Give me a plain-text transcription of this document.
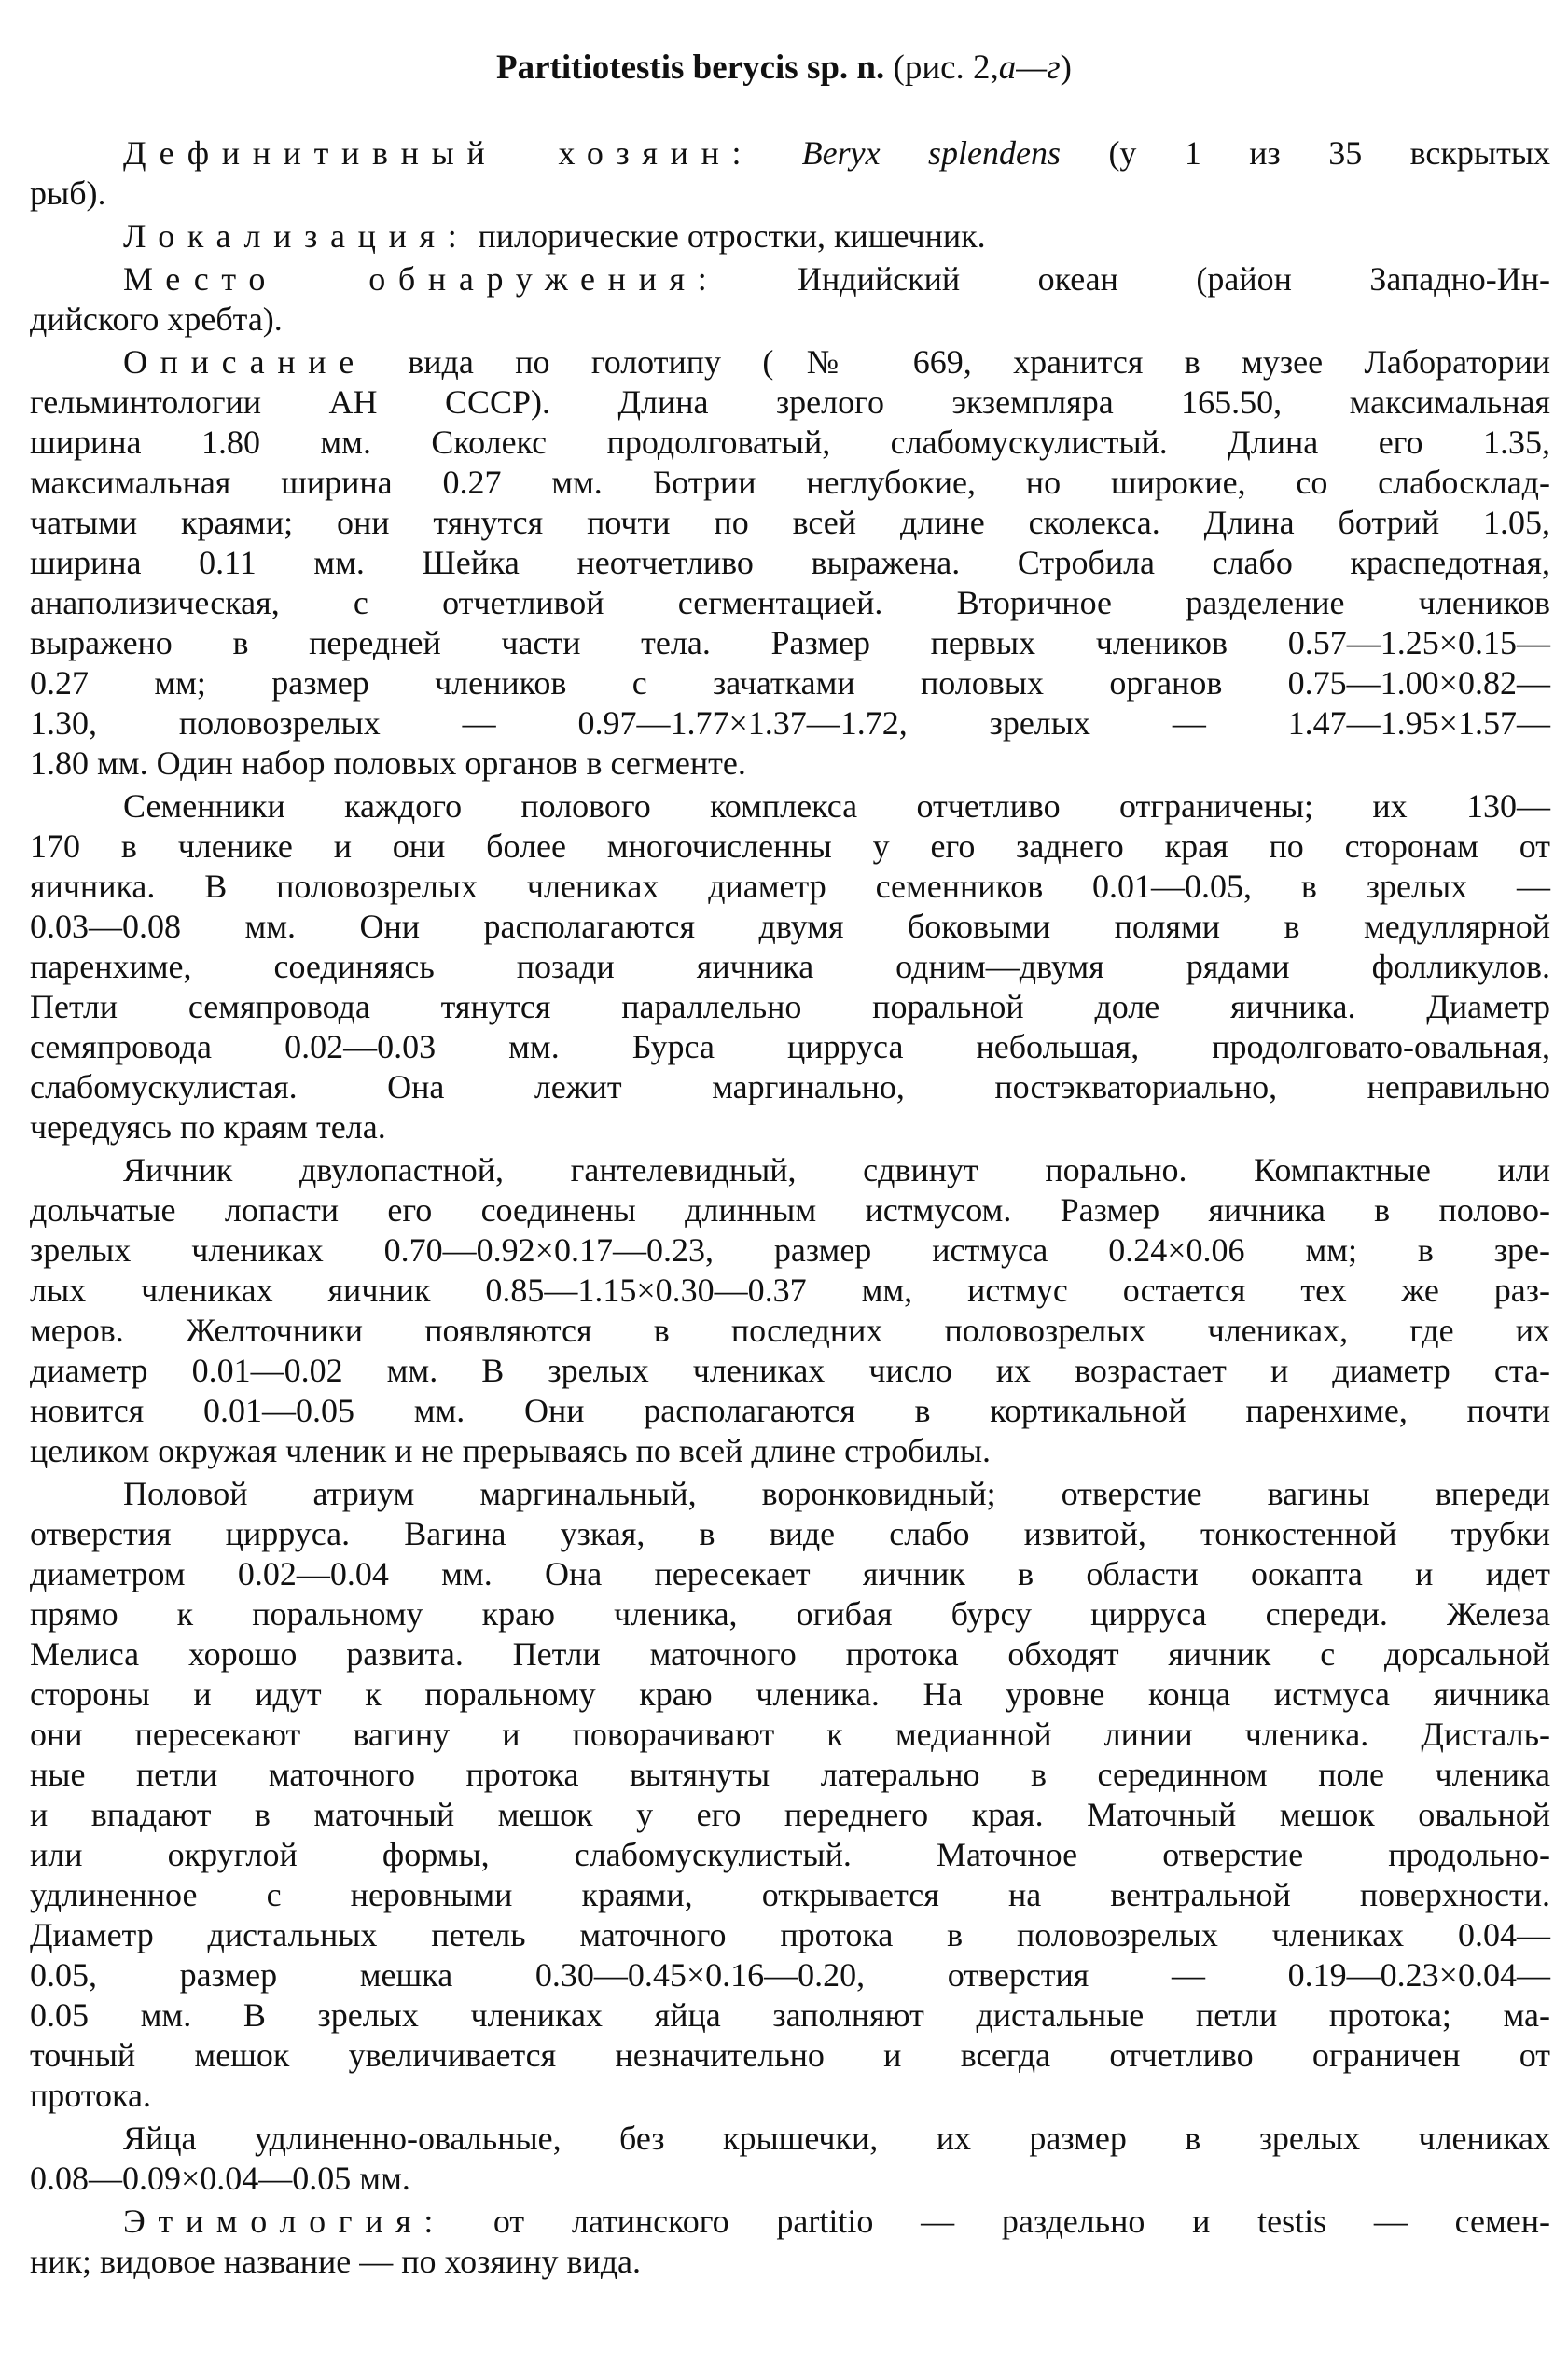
Partitiotestis berycis sp. n. (рис. 2,а—г)
Дефинитивный хозяин: Beryx splendens (у 1 из 35 вскрытых
рыб).
Локализация: пилорические отростки, кишечник.
Место обнаружения: Индийский океан (район Западно-Ин-
дийского хребта).
Описание вида по голотипу (№ 669, хранится в музее Лаборатории
гельминтологии АН СССР). Длина зрелого экземпляра 165.50, максимальная
ширина 1.80 мм. Сколекс продолговатый, слабомускулистый. Длина его 1.35,
максимальная ширина 0.27 мм. Ботрии неглубокие, но широкие, со слабосклад-
чатыми краями; они тянутся почти по всей длине сколекса. Длина ботрий 1.05,
ширина 0.11 мм. Шейка неотчетливо выражена. Стробила слабо краспедотная,
анаполизическая, с отчетливой сегментацией. Вторичное разделение члеников
выражено в передней части тела. Размер первых члеников 0.57—1.25×0.15—
0.27 мм; размер члеников с зачатками половых органов 0.75—1.00×0.82—
1.30, половозрелых — 0.97—1.77×1.37—1.72, зрелых — 1.47—1.95×1.57—
1.80 мм. Один набор половых органов в сегменте.
Семенники каждого полового комплекса отчетливо отграничены; их 130—
170 в членике и они более многочисленны у его заднего края по сторонам от
яичника. В половозрелых члениках диаметр семенников 0.01—0.05, в зрелых —
0.03—0.08 мм. Они располагаются двумя боковыми полями в медуллярной
паренхиме, соединяясь позади яичника одним—двумя рядами фолликулов.
Петли семяпровода тянутся параллельно поральной доле яичника. Диаметр
семяпровода 0.02—0.03 мм. Бурса цирруса небольшая, продолговато-овальная,
слабомускулистая. Она лежит маргинально, постэкваториально, неправильно
чередуясь по краям тела.
Яичник двулопастной, гантелевидный, сдвинут порально. Компактные или
дольчатые лопасти его соединены длинным истмусом. Размер яичника в полово-
зрелых члениках 0.70—0.92×0.17—0.23, размер истмуса 0.24×0.06 мм; в зре-
лых члениках яичник 0.85—1.15×0.30—0.37 мм, истмус остается тех же раз-
меров. Желточники появляются в последних половозрелых члениках, где их
диаметр 0.01—0.02 мм. В зрелых члениках число их возрастает и диаметр ста-
новится 0.01—0.05 мм. Они располагаются в кортикальной паренхиме, почти
целиком окружая членик и не прерываясь по всей длине стробилы.
Половой атриум маргинальный, воронковидный; отверстие вагины впереди
отверстия цирруса. Вагина узкая, в виде слабо извитой, тонкостенной трубки
диаметром 0.02—0.04 мм. Она пересекает яичник в области оокапта и идет
прямо к поральному краю членика, огибая бурсу цирруса спереди. Железа
Мелиса хорошо развита. Петли маточного протока обходят яичник с дорсальной
стороны и идут к поральному краю членика. На уровне конца истмуса яичника
они пересекают вагину и поворачивают к медианной линии членика. Дисталь-
ные петли маточного протока вытянуты латерально в серединном поле членика
и впадают в маточный мешок у его переднего края. Маточный мешок овальной
или округлой формы, слабомускулистый. Маточное отверстие продольно-
удлиненное с неровными краями, открывается на вентральной поверхности.
Диаметр дистальных петель маточного протока в половозрелых члениках 0.04—
0.05, размер мешка 0.30—0.45×0.16—0.20, отверстия — 0.19—0.23×0.04—
0.05 мм. В зрелых члениках яйца заполняют дистальные петли протока; ма-
точный мешок увеличивается незначительно и всегда отчетливо ограничен от
протока.
Яйца удлиненно-овальные, без крышечки, их размер в зрелых члениках
0.08—0.09×0.04—0.05 мм.
Этимология: от латинского partitio — раздельно и testis — семен-
ник; видовое название — по хозяину вида.
